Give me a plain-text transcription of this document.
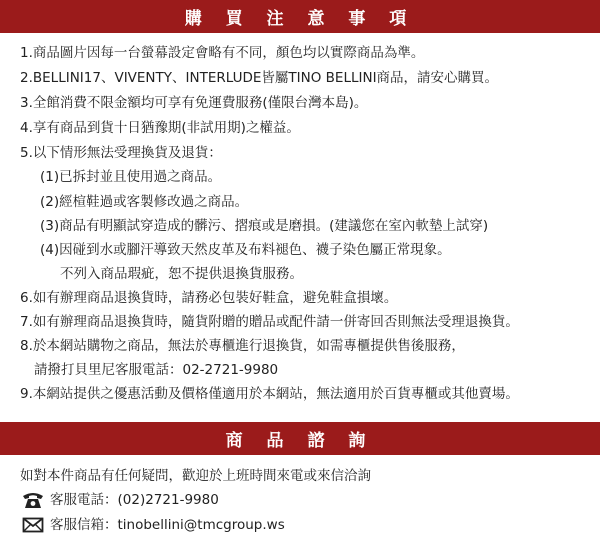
購 買 注 意 事 項
1.商品圖片因每一台螢幕設定會略有不同，顏色均以實際商品為準。
2.BELLINI17、VIVENTY、INTERLUDE皆屬TINO BELLINI商品，請安心購買。
3.全館消費不限金額均可享有免運費服務(僅限台灣本島)。
4.享有商品到貨十日猶豫期(非試用期)之權益。
5.以下情形無法受理換貨及退貨：
(1)已拆封並且使用過之商品。
(2)經楦鞋過或客製修改過之商品。
(3)商品有明顯試穿造成的髒污、摺痕或是磨損。(建議您在室內軟墊上試穿)
(4)因碰到水或腳汗導致天然皮革及布料褪色、襪子染色屬正常現象。
不列入商品瑕疵，恕不提供退換貨服務。
6.如有辦理商品退換貨時，請務必包裝好鞋盒，避免鞋盒損壞。
7.如有辦理商品退換貨時，隨貨附贈的贈品或配件請一併寄回否則無法受理退換貨。
8.於本網站購物之商品，無法於專櫃進行退換貨，如需專櫃提供售後服務，
請撥打貝里尼客服電話：02-2721-9980
9.本網站提供之優惠活動及價格僅適用於本網站，無法適用於百貨專櫃或其他賣場。
商 品 諮 詢
如對本件商品有任何疑問，歡迎於上班時間來電或來信洽詢
客服電話：(02)2721-9980
客服信箱：tinobellini@tmcgroup.ws
